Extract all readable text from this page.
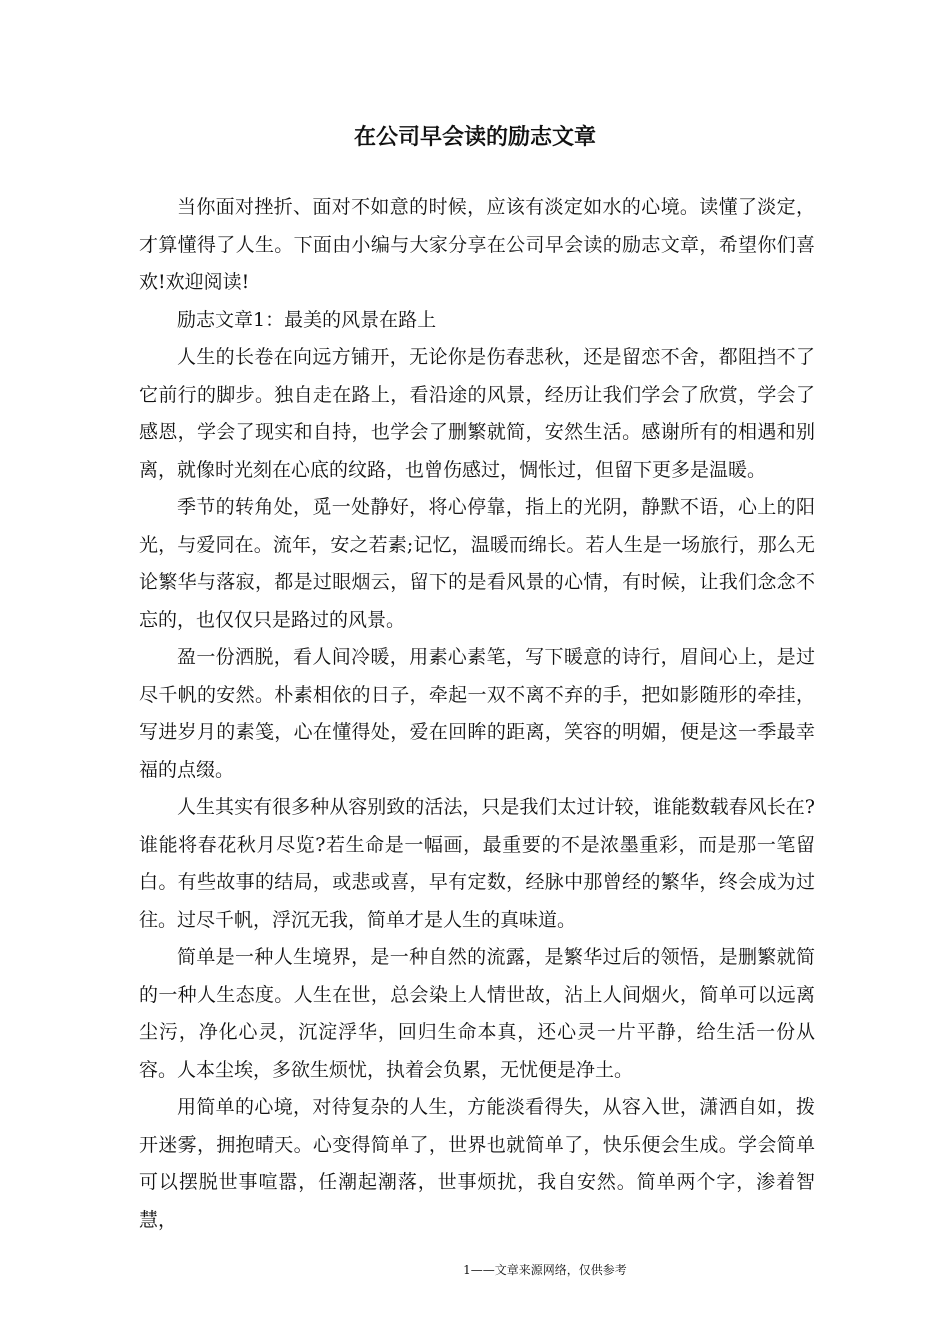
在公司早会读的励志文章

当你面对挫折、面对不如意的时候，应该有淡定如水的心境。读懂了淡定，才算懂得了人生。下面由小编与大家分享在公司早会读的励志文章，希望你们喜欢!欢迎阅读!

励志文章1：最美的风景在路上

人生的长卷在向远方铺开，无论你是伤春悲秋，还是留恋不舍，都阻挡不了它前行的脚步。独自走在路上，看沿途的风景，经历让我们学会了欣赏，学会了感恩，学会了现实和自持，也学会了删繁就简，安然生活。感谢所有的相遇和别离，就像时光刻在心底的纹路，也曾伤感过，惆怅过，但留下更多是温暖。

季节的转角处，觅一处静好，将心停靠，指上的光阴，静默不语，心上的阳光，与爱同在。流年，安之若素;记忆，温暖而绵长。若人生是一场旅行，那么无论繁华与落寂，都是过眼烟云，留下的是看风景的心情，有时候，让我们念念不忘的，也仅仅只是路过的风景。

盈一份洒脱，看人间冷暖，用素心素笔，写下暖意的诗行，眉间心上，是过尽千帆的安然。朴素相依的日子，牵起一双不离不弃的手，把如影随形的牵挂，写进岁月的素笺，心在懂得处，爱在回眸的距离，笑容的明媚，便是这一季最幸福的点缀。

人生其实有很多种从容别致的活法，只是我们太过计较，谁能数载春风长在?谁能将春花秋月尽览?若生命是一幅画，最重要的不是浓墨重彩，而是那一笔留白。有些故事的结局，或悲或喜，早有定数，经脉中那曾经的繁华，终会成为过往。过尽千帆，浮沉无我，简单才是人生的真味道。

简单是一种人生境界，是一种自然的流露，是繁华过后的领悟，是删繁就简的一种人生态度。人生在世，总会染上人情世故，沾上人间烟火，简单可以远离尘污，净化心灵，沉淀浮华，回归生命本真，还心灵一片平静，给生活一份从容。人本尘埃，多欲生烦忧，执着会负累，无忧便是净土。

用简单的心境，对待复杂的人生，方能淡看得失，从容入世，潇洒自如，拨开迷雾，拥抱晴天。心变得简单了，世界也就简单了，快乐便会生成。学会简单可以摆脱世事喧嚣，任潮起潮落，世事烦扰，我自安然。简单两个字，渗着智慧，

1——文章来源网络，仅供参考
